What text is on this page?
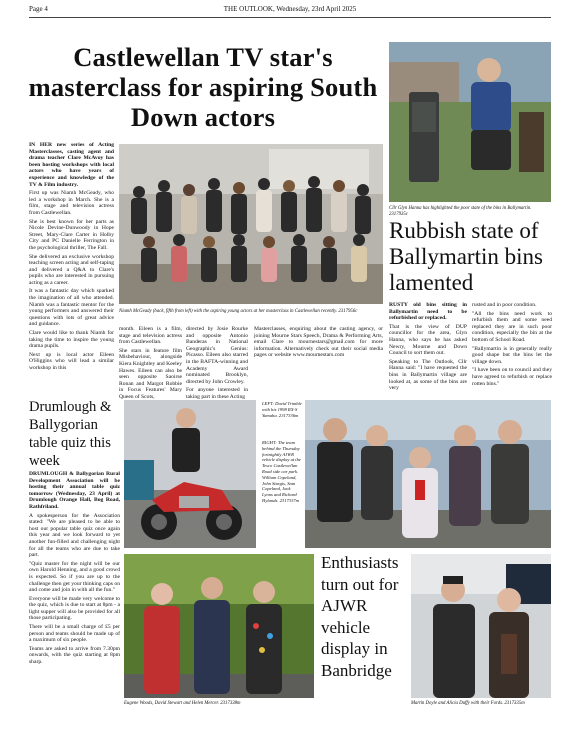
Page 4	THE OUTLOOK, Wednesday, 23rd April 2025
Castlewellan TV star's masterclass for aspiring South Down actors

IN HER new series of Acting Masterclasses, casting agent and drama teacher Clare McAvoy has been hosting workshops with local actors who have years of experience and knowledge of the TV & Film industry.

First up was Niamh McGeady, who led a workshop in March. She is a film, stage and television actress from Castlewellan.

She is best known for her parts as Nicole Devine-Dunwoody in Hope Street, Mary-Clare Carter in Holby City and PC Danielle Ferrington in the psychological thriller, The Fall.

She delivered an exclusive workshop teaching screen acting and self-taping and delivered a Q&A to Clare's pupils who are interested in pursuing acting as a career.

It was a fantastic day which sparked the imagination of all who attended. Niamh was a fantastic mentor for the young performers and answered their questions with lots of great advice and guidance.

Clare would like to thank Niamh for taking the time to inspire the young drama pupils.

Next up is local actor Eileen O'Higgins who will lead a similar workshop in this

Niamh McGeady (back, fifth from left) with the aspiring young actors at her masterclass in Castlewellan recently. 2317956c

month. Eileen is a film, stage and television actress from Castlewellan.

She stars in feature film Misbehaviour, alongside Kiera Knightley and Keeley Hawes. Eileen can also be seen opposite Saoirse Ronan and Margot Robbie in Focus Features' Mary Queen of Scots,

directed by Josie Rourke and opposite Antonio Banderas in National Geographic's Genius: Picasso. Eileen also starred in the BAFTA-winning and Academy Award nominated Brooklyn, directed by John Crowley.

For anyone interested in taking part in these Acting

Masterclasses, enquiring about the casting agency, or joining Mourne Stars Speech, Drama & Performing Arts, email Clare to mournestars@gmail.com for more information. Alternatively check out their social media pages or website www.mournestars.com

Cllr Glyn Hanna has highlighted the poor state of the bins in Ballymartin. 2317935c
Rubbish state of Ballymartin bins lamented

RUSTY old bins sitting in Ballymartin need to be refurbished or replaced.

That is the view of DUP councillor for the area, Glyn Hanna, who says he has asked Newry, Mourne and Down Council to sort them out.

Speaking to The Outlook, Cllr Hanna said: "I have requested the bins in Ballymartin village are looked at, as some of the bins are very

rusted and in poor condition.

"All the bins need work to refurbish them and some need replaced they are in such poor condition, especially the bin at the bottom of School Road.

"Ballymartin is in generally really good shape but the bins let the village down.

"I have been on to council and they have agreed to refurbish or replace rotten bins."

Drumlough & Ballygorian table quiz this week

DRUMLOUGH & Ballygorian Rural Development Association will be hosting their annual table quiz tomorrow (Wednesday, 23 April) at Drumlough Orange Hall, Bog Road, Rathfriland.

A spokesperson for the Association stated: "We are pleased to be able to host our popular table quiz once again this year and we look forward to yet another fun-filled and challenging night for all the teams who are due to take part.

"Quiz master for the night will be our own Harold Henning, and a good crowd is expected. So if you are up to the challenge then get your thinking caps on and come and join in with all the fun."

Everyone will be made very welcome to the quiz, which is due to start at 8pm - a light supper will also be provided for all those participating.

There will be a small charge of £5 per person and teams should be made up of a maximum of six people.

Teams are asked to arrive from 7.30pm onwards, with the quiz starting at 8pm sharp.

LEFT: David Trimble with his 1998 RX-S Yamaha. 2317336m
RIGHT: The team behind the Thursday fortnightly AJWR vehicle display at the Tesco Castlewellan Road side car park. William Copeland, John Sturgis, Sam Copeland, Jack Lyons and Richard Hylands. 2317337m
Enthusiasts turn out for AJWR vehicle display in Banbridge
Eugene Woods, David Stewart and Helen Mercer. 2317338m	Martin Doyle and Alicia Duffy with their Fords. 2317335m
